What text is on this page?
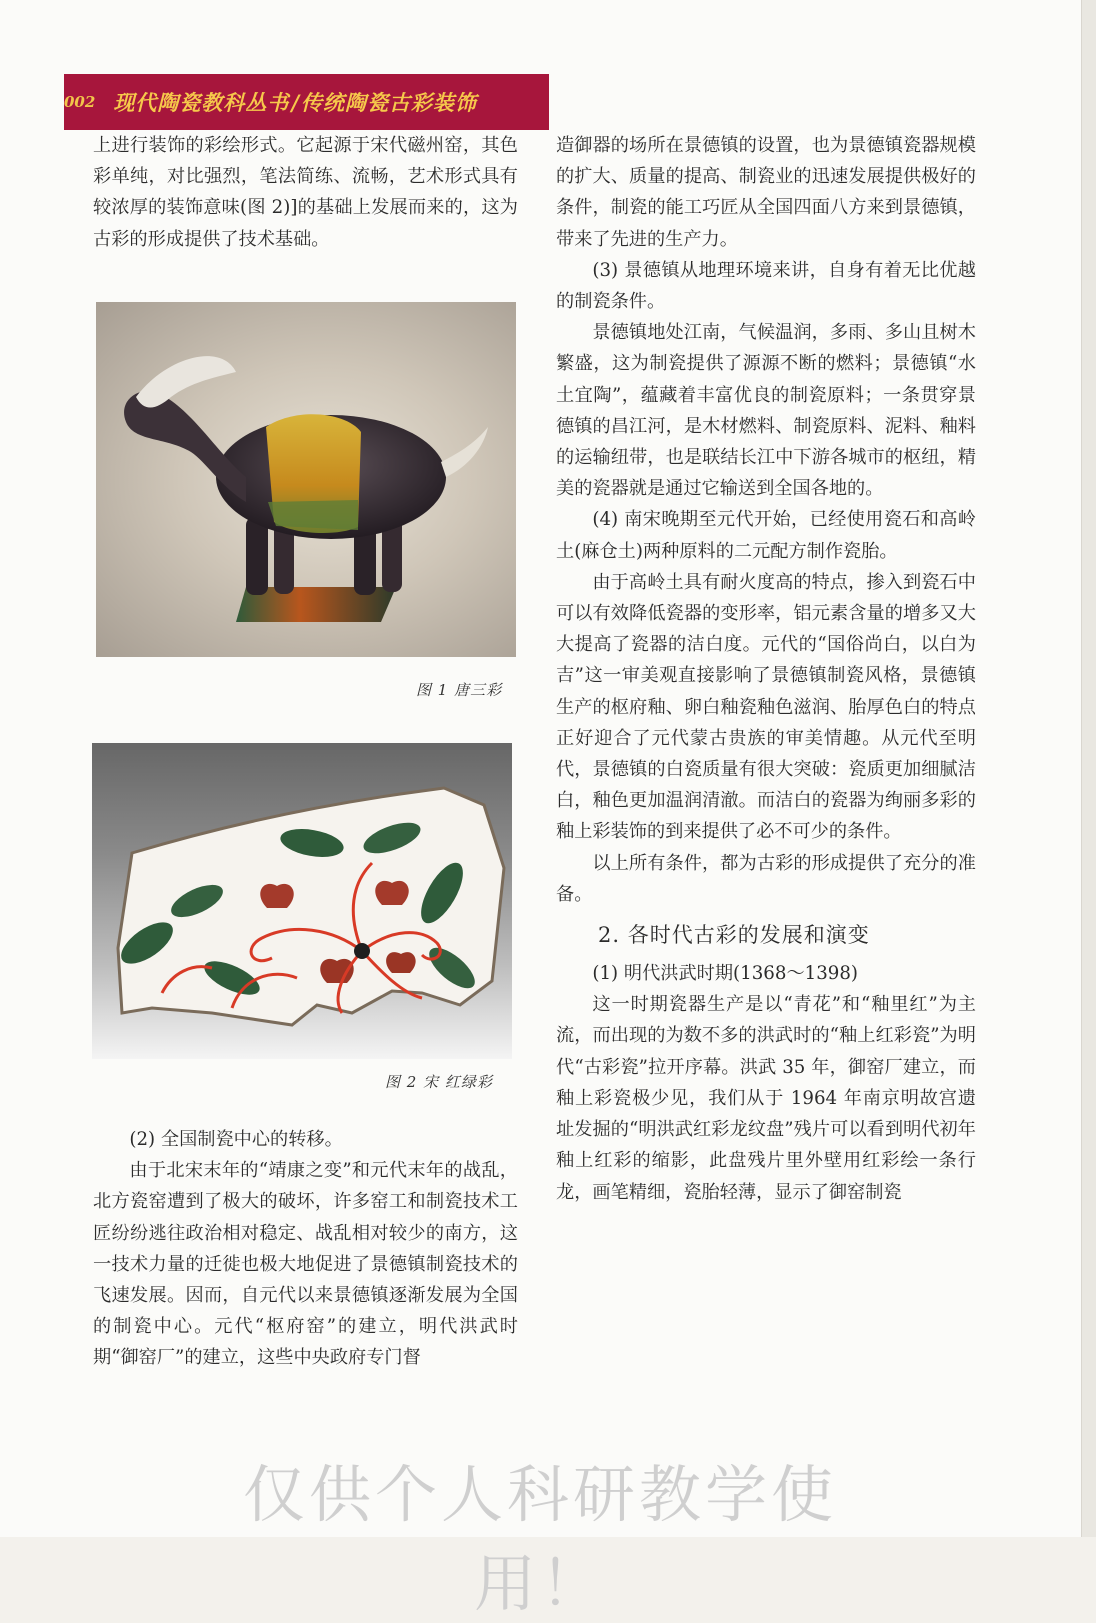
002 现代陶瓷教科丛书 / 传统陶瓷古彩装饰

上进行装饰的彩绘形式。它起源于宋代磁州窑，其色彩单纯，对比强烈，笔法简练、流畅，艺术形式具有较浓厚的装饰意味(图 2)]的基础上发展而来的，这为古彩的形成提供了技术基础。

图 1 唐三彩
图 2 宋 红绿彩

(2) 全国制瓷中心的转移。

由于北宋末年的“靖康之变”和元代末年的战乱，北方瓷窑遭到了极大的破坏，许多窑工和制瓷技术工匠纷纷逃往政治相对稳定、战乱相对较少的南方，这一技术力量的迁徙也极大地促进了景德镇制瓷技术的飞速发展。因而，自元代以来景德镇逐渐发展为全国的制瓷中心。元代“枢府窑”的建立，明代洪武时期“御窑厂”的建立，这些中央政府专门督

造御器的场所在景德镇的设置，也为景德镇瓷器规模的扩大、质量的提高、制瓷业的迅速发展提供极好的条件，制瓷的能工巧匠从全国四面八方来到景德镇，带来了先进的生产力。

(3) 景德镇从地理环境来讲，自身有着无比优越的制瓷条件。

景德镇地处江南，气候温润，多雨、多山且树木繁盛，这为制瓷提供了源源不断的燃料；景德镇“水土宜陶”，蕴藏着丰富优良的制瓷原料；一条贯穿景德镇的昌江河，是木材燃料、制瓷原料、泥料、釉料的运输纽带，也是联结长江中下游各城市的枢纽，精美的瓷器就是通过它输送到全国各地的。

(4) 南宋晚期至元代开始，已经使用瓷石和高岭土(麻仓土)两种原料的二元配方制作瓷胎。

由于高岭土具有耐火度高的特点，掺入到瓷石中可以有效降低瓷器的变形率，铝元素含量的增多又大大提高了瓷器的洁白度。元代的“国俗尚白，以白为吉”这一审美观直接影响了景德镇制瓷风格，景德镇生产的枢府釉、卵白釉瓷釉色滋润、胎厚色白的特点正好迎合了元代蒙古贵族的审美情趣。从元代至明代，景德镇的白瓷质量有很大突破：瓷质更加细腻洁白，釉色更加温润清澈。而洁白的瓷器为绚丽多彩的釉上彩装饰的到来提供了必不可少的条件。

以上所有条件，都为古彩的形成提供了充分的准备。

2. 各时代古彩的发展和演变

(1) 明代洪武时期(1368～1398)

这一时期瓷器生产是以“青花”和“釉里红”为主流，而出现的为数不多的洪武时的“釉上红彩瓷”为明代“古彩瓷”拉开序幕。洪武 35 年，御窑厂建立，而釉上彩瓷极少见，我们从于 1964 年南京明故宫遗址发掘的“明洪武红彩龙纹盘”残片可以看到明代初年釉上红彩的缩影，此盘残片里外壁用红彩绘一条行龙，画笔精细，瓷胎轻薄，显示了御窑制瓷

仅供个人科研教学使用！
